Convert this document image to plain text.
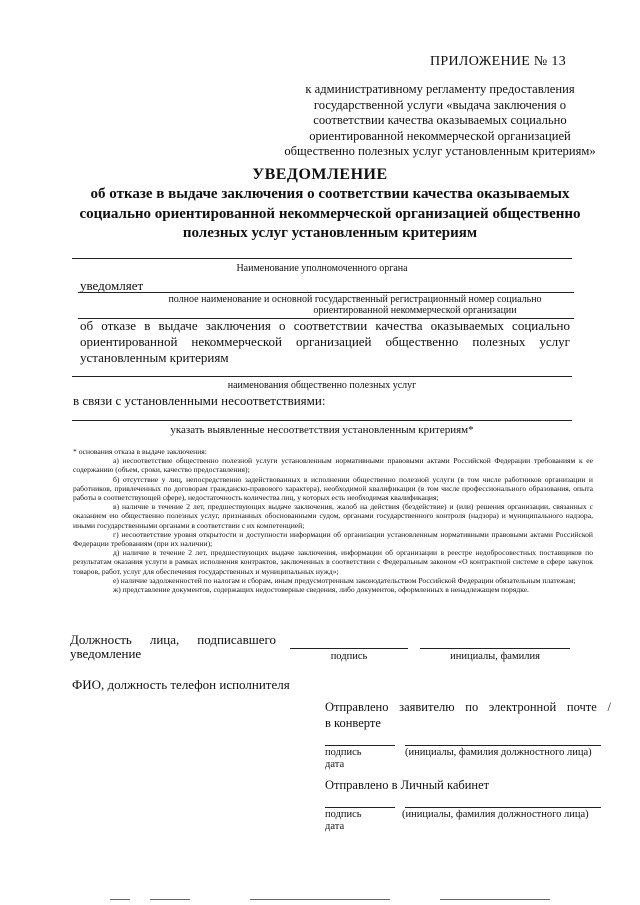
ПРИЛОЖЕНИЕ № 13
к административному регламенту предоставления
государственной услуги «выдача заключения о
соответствии качества оказываемых социально
ориентированной некоммерческой организацией
общественно полезных услуг установленным критериям»
УВЕДОМЛЕНИЕ
об отказе в выдаче заключения о соответствии качества оказываемых
социально ориентированной некоммерческой организацией общественно
полезных услуг установленным критериям
Наименование уполномоченного органа
уведомляет
полное наименование и основной государственный регистрационный номер социально
ориентированной некоммерческой организации
об отказе в выдаче заключения о соответствии качества оказываемых социально
ориентированной некоммерческой организацией общественно полезных услуг
установленным критериям
наименования общественно полезных услуг
в связи с установленными несоответствиями:
указать выявленные несоответствия установленным критериям*

* основания отказа в выдаче заключения:

а) несоответствие общественно полезной услуги установленным нормативными правовыми актами Российской Федерации требованиям к ее содержанию (объем, сроки, качество предоставления);

б) отсутствие у лиц, непосредственно задействованных в исполнении общественно полезной услуги (в том числе работников организации и работников, привлеченных по договорам гражданско-правового характера), необходимой квалификации (в том числе профессионального образования, опыта работы в соответствующей сфере), недостаточность количества лиц, у которых есть необходимая квалификация;

в) наличие в течение 2 лет, предшествующих выдаче заключения, жалоб на действия (бездействие) и (или) решения организации, связанных с оказанием ею общественно полезных услуг, признанных обоснованными судом, органами государственного контроля (надзора) и муниципального надзора, иными государственными органами в соответствии с их компетенцией;

г) несоответствие уровня открытости и доступности информации об организации установленным нормативными правовыми актами Российской Федерации требованиям (при их наличии);

д) наличие в течение 2 лет, предшествующих выдаче заключения, информации об организации в реестре недобросовестных поставщиков по результатам оказания услуги в рамках исполнения контрактов, заключенных в соответствии с Федеральным законом «О контрактной системе в сфере закупок товаров, работ, услуг для обеспечения государственных и муниципальных нужд»;

е) наличие задолженностей по налогам и сборам, иным предусмотренным законодательством Российской Федерации обязательным платежам;

ж) представление документов, содержащих недостоверные сведения, либо документов, оформленных в ненадлежащем порядке.

Должность лица, подписавшего
уведомление	подпись	инициалы, фамилия
ФИО, должность телефон исполнителя
Отправлено заявителю по электронной почте /
в конверте
подпись	(инициалы, фамилия должностного лица)
дата
Отправлено в Личный кабинет
подпись	(инициалы, фамилия должностного лица)
дата
